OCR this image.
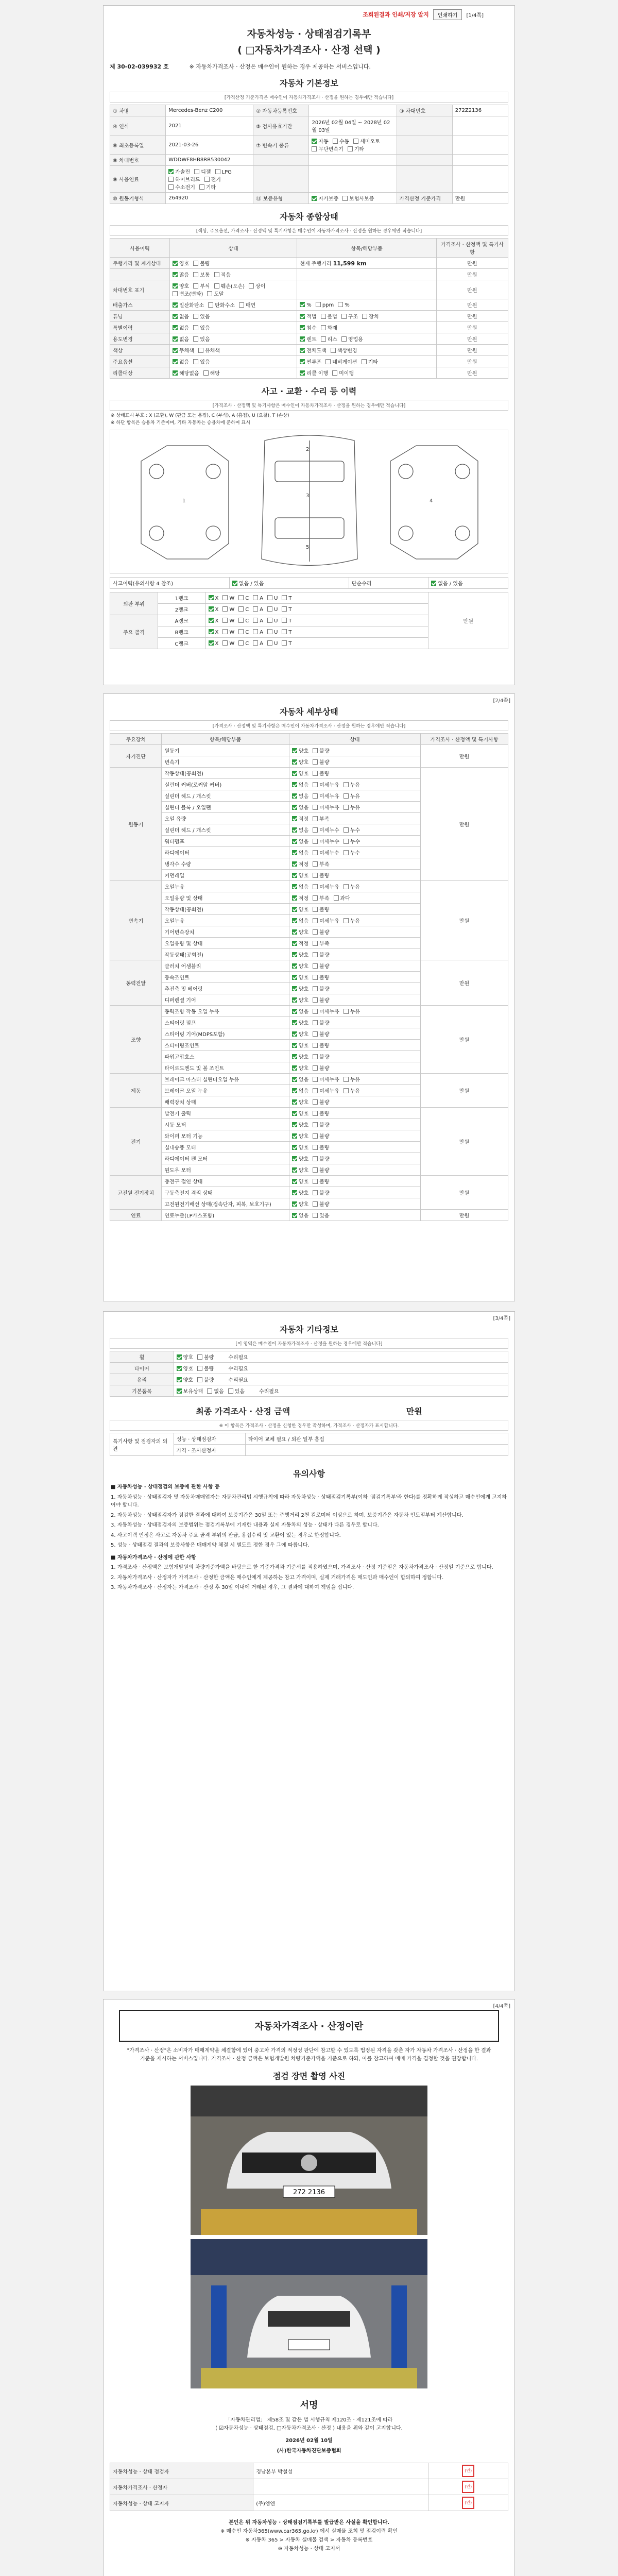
조회된결과 인쇄/저장 알지	인쇄하기	[1/4쪽]
자동차성능 · 상태점검기록부
( □자동차가격조사 · 산정 선택 )
제 30-02-039932 호	※ 자동차가격조사 · 산정은 매수인이 원하는 경우 제공하는 서비스입니다.
자동차 기본정보
[가격산정 기준가격은 매수인이 자동차가격조사 · 산정을 원하는 경우에만 적습니다]
① 차명	Mercedes-Benz C200	② 자동차등록번호		③ 차대번호	272Z2136
④ 연식	2021	⑤ 검사유효기간	2026년 02월 04일 ~ 2028년 02월 03일		
⑥ 최초등록일	2021-03-26	⑦ 변속기 종류	자동 수동 세미오토무단변속기 기타		
⑧ 차대번호	WDDWF8HB8RR530042				
⑨ 사용연료	가솔린 디젤 LPG하이브리드 전기수소전기 기타				
⑩ 원동기형식	264920	⑪ 보증유형	자가보증 보험사보증	가격산정 기준가격	만원
자동차 종합상태
[색상, 주요옵션, 가격조사 · 산정액 및 특기사항은 매수인이 자동차가격조사 · 산정을 원하는 경우에만 적습니다]
사용이력	상태	항목/해당부품	가격조사 · 산정액 및 특기사항
주행거리 및 계기상태	양호 불량	현재 주행거리 11,599 km	만원
	많음 보통 적음		만원
차대번호 표기	양호 부식 훼손(오손) 상이변조(변타) 도말		만원
배출가스	일산화탄소 탄화수소 매연	% ppm %	만원
튜닝	없음 있음	적법 불법 구조 장치	만원
특별이력	없음 있음	침수 화재	만원
용도변경	없음 있음	렌트 리스 영업용	만원
색상	무채색 유채색	전체도색 색상변경	만원
주요옵션	없음 있음	썬루프 네비게이션 기타	만원
리콜대상	해당없음 해당	리콜 이행 미이행	만원
사고 · 교환 · 수리 등 이력
[가격조사 · 산정액 및 특기사항은 매수인이 자동차가격조사 · 산정을 원하는 경우에만 적습니다]
※ 상태표시 부호 : X (교환), W (판금 또는 용접), C (부식), A (흠집), U (요철), T (손상)
※ 하단 항목은 승용차 기준이며, 기타 자동차는 승용차에 준하여 표시
1
2
3
4
5
사고이력(유의사항 4 참조)	없음 / 있음	단순수리	없음 / 있음
외판 부위	1랭크	X W C A U T	만원
	2랭크	X W C A U T	
주요 골격	A랭크	X W C A U T	
	B랭크	X W C A U T	
	C랭크	X W C A U T	
[2/4쪽]
자동차 세부상태
[가격조사 · 산정액 및 특기사항은 매수인이 자동차가격조사 · 산정을 원하는 경우에만 적습니다]
주요장치	항목/해당부품	상태	가격조사 · 산정액 및 특기사항
자기진단	원동기	양호 불량	만원
	변속기	양호 불량	
원동기	작동상태(공회전)	양호 불량	만원
	실린더 커버(로커암 커버)	없음 미세누유 누유	
	실린더 헤드 / 개스킷	없음 미세누유 누유	
	실린더 블록 / 오일팬	없음 미세누유 누유	
	오일 유량	적정 부족	
	실린더 헤드 / 개스킷	없음 미세누수 누수	
	워터펌프	없음 미세누수 누수	
	라디에이터	없음 미세누수 누수	
	냉각수 수량	적정 부족	
	커먼레일	양호 불량	
변속기	오일누유	없음 미세누유 누유	만원
	오일유량 및 상태	적정 부족 과다	
	작동상태(공회전)	양호 불량	
	오일누유	없음 미세누유 누유	
	기어변속장치	양호 불량	
	오일유량 및 상태	적정 부족	
	작동상태(공회전)	양호 불량	
동력전달	클러치 어셈블리	양호 불량	만원
	등속조인트	양호 불량	
	추진축 및 베어링	양호 불량	
	디퍼렌셜 기어	양호 불량	
조향	동력조향 작동 오일 누유	없음 미세누유 누유	만원
	스티어링 펌프	양호 불량	
	스티어링 기어(MDPS포함)	양호 불량	
	스티어링조인트	양호 불량	
	파워고압호스	양호 불량	
	타이로드엔드 및 볼 조인트	양호 불량	
제동	브레이크 마스터 실린더오일 누유	없음 미세누유 누유	만원
	브레이크 오일 누유	없음 미세누유 누유	
	배력장치 상태	양호 불량	
전기	발전기 출력	양호 불량	만원
	시동 모터	양호 불량	
	와이퍼 모터 기능	양호 불량	
	실내송풍 모터	양호 불량	
	라디에이터 팬 모터	양호 불량	
	윈도우 모터	양호 불량	
고전원 전기장치	충전구 절연 상태	양호 불량	만원
	구동축전지 격리 상태	양호 불량	
	고전원전기배선 상태(접속단자, 피복, 보호기구)	양호 불량	
연료	연료누출(LP가스포함)	없음 있음	만원
[3/4쪽]
자동차 기타정보
[이 영역은 매수인이 자동차가격조사 · 산정을 원하는 경우에만 적습니다]
휠	양호 불량 수리필요
타이어	양호 불량 수리필요
유리	양호 불량 수리필요
기본품목	보유상태 없음 있음 수리필요
최종 가격조사 · 산정 금액	만원
※ 이 항목은 가격조사 · 산정을 신청한 경우만 작성하며, 가격조사 · 산정자가 표시합니다.
특기사항 및 점검자의 의견	성능 · 상태점검자	타이어 교체 필요 / 외관 일부 흠집
	가격 · 조사산정자	
유의사항
■ 자동차성능 · 상태점검의 보증에 관한 사항 등
1. 자동차성능 · 상태점검자 및 자동차매매업자는 자동차관리법 시행규칙에 따라 자동차성능 · 상태점검기록부(이하 '점검기록부'라 한다)를 정확하게 작성하고 매수인에게 고지하여야 합니다.
2. 자동차성능 · 상태점검자가 점검한 결과에 대하여 보증기간은 30일 또는 주행거리 2천 킬로미터 이상으로 하며, 보증기간은 자동차 인도일부터 계산합니다.
3. 자동차성능 · 상태점검자의 보증범위는 점검기록부에 기재한 내용과 실제 자동차의 성능 · 상태가 다른 경우로 합니다.
4. 사고이력 인정은 사고로 자동차 주요 골격 부위의 판금, 용접수리 및 교환이 있는 경우로 한정합니다.
5. 성능 · 상태점검 결과의 보증사항은 매매계약 체결 시 별도로 정한 경우 그에 따릅니다.
■ 자동차가격조사 · 산정에 관한 사항
1. 가격조사 · 산정액은 보험개발원의 차량기준가액을 바탕으로 한 기준가격과 기준서를 적용하였으며, 가격조사 · 산정 기준일은 자동차가격조사 · 산정일 기준으로 합니다.
2. 자동차가격조사 · 산정자가 가격조사 · 산정한 금액은 매수인에게 제공하는 참고 가격이며, 실제 거래가격은 매도인과 매수인이 합의하여 정합니다.
3. 자동차가격조사 · 산정자는 가격조사 · 산정 후 30일 이내에 거래된 경우, 그 결과에 대하여 책임을 집니다.
[4/4쪽]
자동차가격조사 · 산정이란
"가격조사 · 산정"은 소비자가 매매계약을 체결함에 있어 중고차 가격의 적정성 판단에 참고할 수 있도록 법정된 자격을 갖춘 자가 자동차 가격조사 · 산정을 한 결과 기준을 제시하는 서비스입니다. 가격조사 · 산정 금액은 보험개발원 차량기준가액을 기준으로 하되, 이를 참고하여 매매 가격을 결정할 것을 권장합니다.
점검 장면 촬영 사진
272 2136
서명
「자동차관리법」 제58조 및 같은 법 시행규칙 제120조 · 제121조에 따라
( ☑자동차성능 · 상태점검, □자동차가격조사 · 산정 ) 내용을 위와 같이 고지합니다.
2026년 02월 10일
(사)한국자동차진단보증협회
자동차성능 · 상태 점검자	경남본부 박철성	(인)
자동차가격조사 · 산정자		(인)
자동차성능 · 상태 고지자	(주)엠엔	(인)
본인은 위 자동차성능 · 상태점검기록부를 발급받은 사실을 확인합니다.
※ 매수인 자동차365(www.car365.go.kr) 에서 실매물 조회 및 점검이력 확인
※ 자동차 365 > 자동차 실매물 검색 > 자동차 등록번호
※ 자동차성능 · 상태 고지서
